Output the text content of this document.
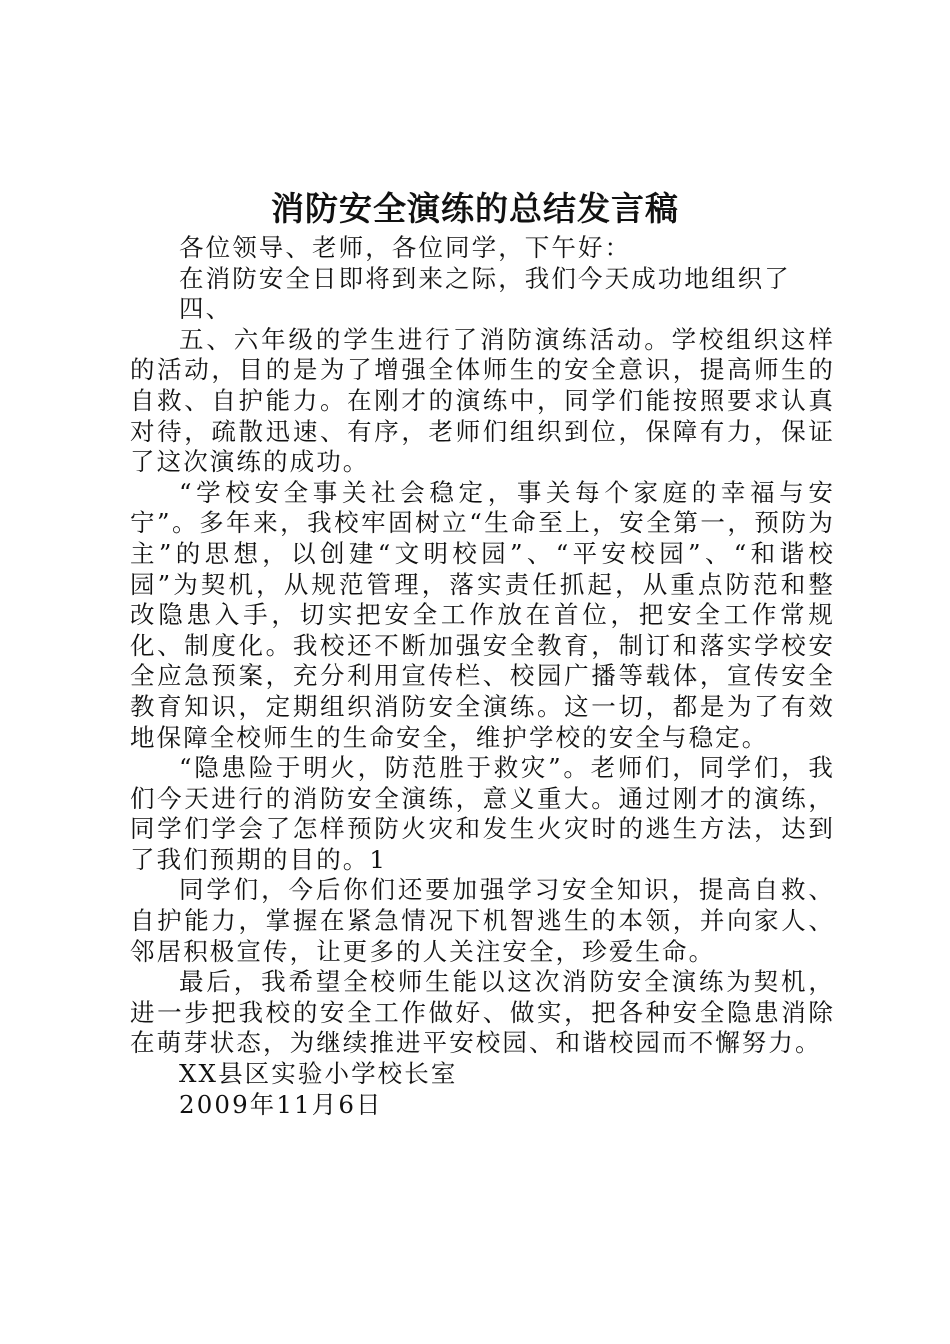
消防安全演练的总结发言稿

各位领导、老师，各位同学，下午好：

在消防安全日即将到来之际，我们今天成功地组织了

四、

五、六年级的学生进行了消防演练活动。学校组织这样的活动，目的是为了增强全体师生的安全意识，提高师生的自救、自护能力。在刚才的演练中，同学们能按照要求认真对待，疏散迅速、有序，老师们组织到位，保障有力，保证了这次演练的成功。

“学校安全事关社会稳定，事关每个家庭的幸福与安宁”。多年来，我校牢固树立“生命至上，安全第一，预防为主”的思想，以创建“文明校园”、“平安校园”、“和谐校园”为契机，从规范管理，落实责任抓起，从重点防范和整改隐患入手，切实把安全工作放在首位，把安全工作常规化、制度化。我校还不断加强安全教育，制订和落实学校安全应急预案，充分利用宣传栏、校园广播等载体，宣传安全教育知识，定期组织消防安全演练。这一切，都是为了有效地保障全校师生的生命安全，维护学校的安全与稳定。

“隐患险于明火，防范胜于救灾”。老师们，同学们，我们今天进行的消防安全演练，意义重大。通过刚才的演练，同学们学会了怎样预防火灾和发生火灾时的逃生方法，达到了我们预期的目的。1

同学们，今后你们还要加强学习安全知识，提高自救、自护能力，掌握在紧急情况下机智逃生的本领，并向家人、邻居积极宣传，让更多的人关注安全，珍爱生命。

最后，我希望全校师生能以这次消防安全演练为契机，进一步把我校的安全工作做好、做实，把各种安全隐患消除在萌芽状态，为继续推进平安校园、和谐校园而不懈努力。

XX县区实验小学校长室

2009年11月6日
